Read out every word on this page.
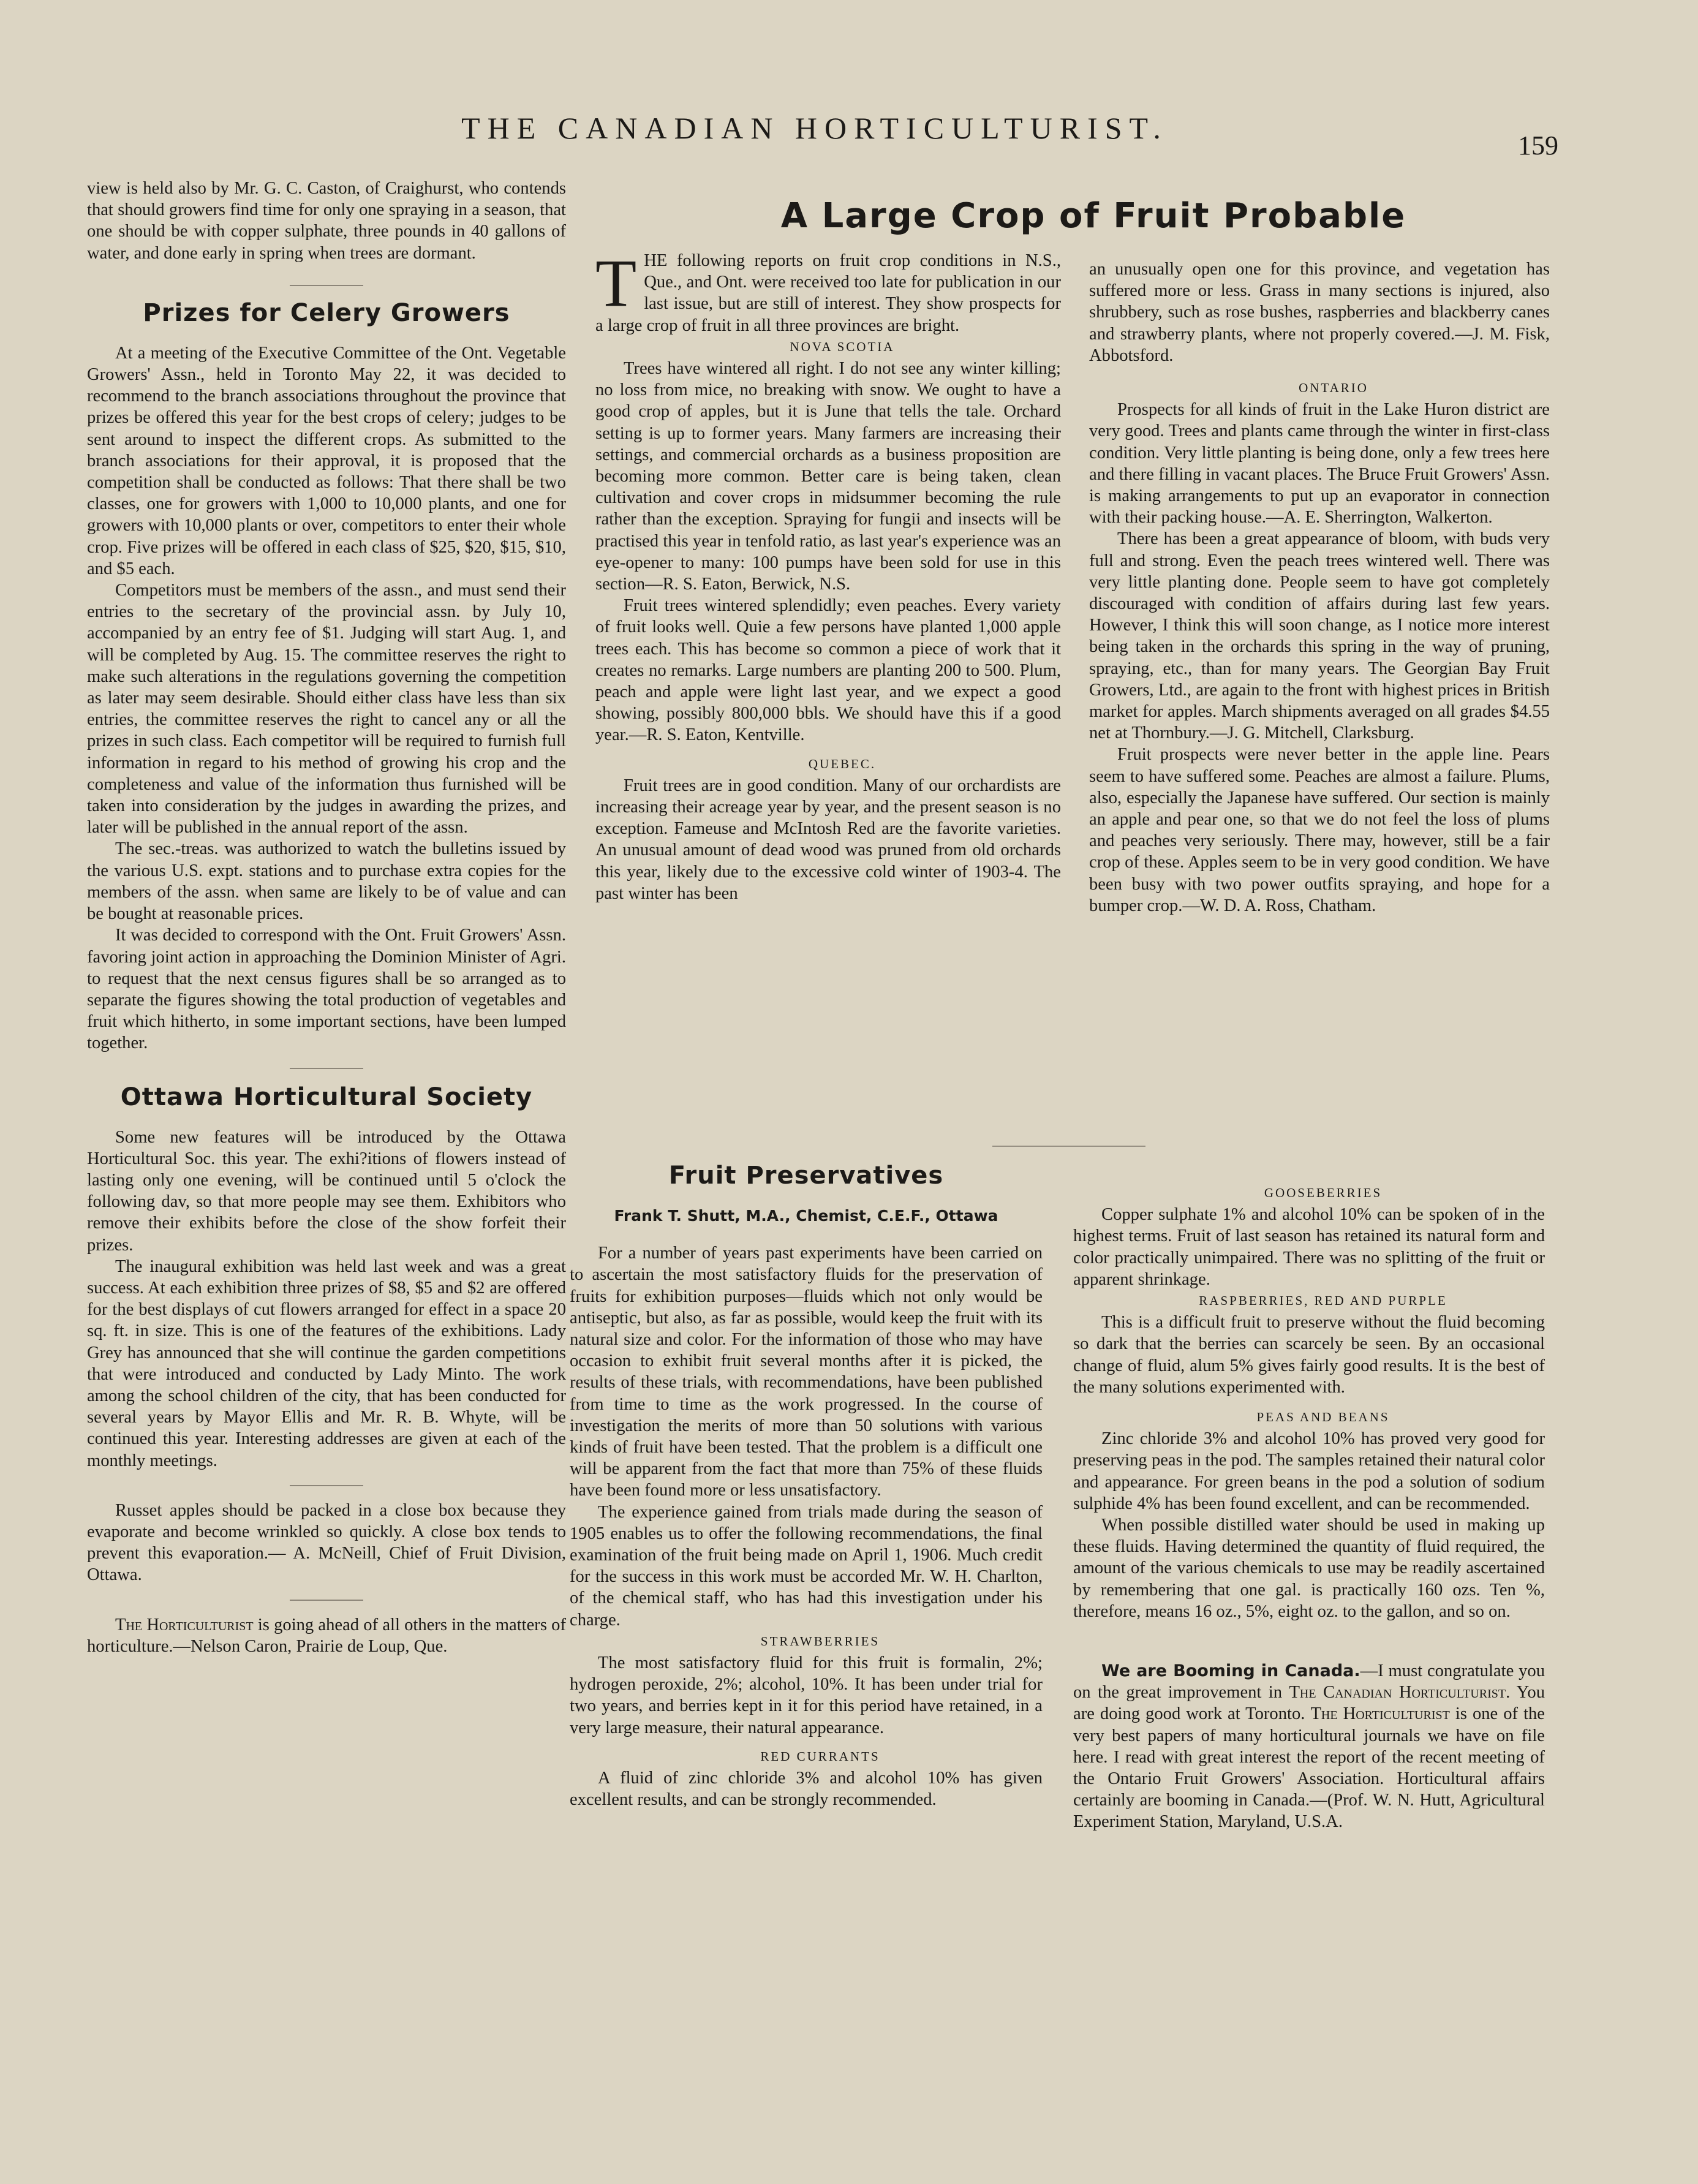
THE CANADIAN HORTICULTURIST.
159

view is held also by Mr. G. C. Caston, of Craighurst, who contends that should growers find time for only one spraying in a season, that one should be with copper sulphate, three pounds in 40 gallons of water, and done early in spring when trees are dormant.

Prizes for Celery Growers

At a meeting of the Executive Committee of the Ont. Vegetable Growers' Assn., held in Toronto May 22, it was decided to recommend to the branch associations throughout the province that prizes be offered this year for the best crops of celery; judges to be sent around to inspect the different crops. As submitted to the branch associations for their approval, it is proposed that the competition shall be conducted as follows: That there shall be two classes, one for growers with 1,000 to 10,000 plants, and one for growers with 10,000 plants or over, competitors to enter their whole crop. Five prizes will be offered in each class of $25, $20, $15, $10, and $5 each.

Competitors must be members of the assn., and must send their entries to the secretary of the provincial assn. by July 10, accompanied by an entry fee of $1. Judging will start Aug. 1, and will be completed by Aug. 15. The committee reserves the right to make such alterations in the regulations governing the competition as later may seem desirable. Should either class have less than six entries, the committee reserves the right to cancel any or all the prizes in such class. Each competitor will be required to furnish full information in regard to his method of growing his crop and the completeness and value of the information thus furnished will be taken into consideration by the judges in awarding the prizes, and later will be published in the annual report of the assn.

The sec.-treas. was authorized to watch the bulletins issued by the various U.S. expt. stations and to purchase extra copies for the members of the assn. when same are likely to be of value and can be bought at reasonable prices.

It was decided to correspond with the Ont. Fruit Growers' Assn. favoring joint action in approaching the Dominion Minister of Agri. to request that the next census figures shall be so arranged as to separate the figures showing the total production of vegetables and fruit which hitherto, in some important sections, have been lumped together.

Ottawa Horticultural Society

Some new features will be introduced by the Ottawa Horticultural Soc. this year. The exhi?itions of flowers instead of lasting only one evening, will be continued until 5 o'clock the following dav, so that more people may see them. Exhibitors who remove their exhibits before the close of the show forfeit their prizes.

The inaugural exhibition was held last week and was a great success. At each exhibition three prizes of $8, $5 and $2 are offered for the best displays of cut flowers arranged for effect in a space 20 sq. ft. in size. This is one of the features of the exhibitions. Lady Grey has announced that she will continue the garden competitions that were introduced and conducted by Lady Minto. The work among the school children of the city, that has been conducted for several years by Mayor Ellis and Mr. R. B. Whyte, will be continued this year. Interesting addresses are given at each of the monthly meetings.

Russet apples should be packed in a close box because they evaporate and become wrinkled so quickly. A close box tends to prevent this evaporation.— A. McNeill, Chief of Fruit Division, Ottawa.

The Horticulturist is going ahead of all others in the matters of horticulture.—Nelson Caron, Prairie de Loup, Que.

A Large Crop of Fruit Probable

THE following reports on fruit crop conditions in N.S., Que., and Ont. were received too late for publication in our last issue, but are still of interest. They show prospects for a large crop of fruit in all three provinces are bright.

NOVA SCOTIA

Trees have wintered all right. I do not see any winter killing; no loss from mice, no breaking with snow. We ought to have a good crop of apples, but it is June that tells the tale. Orchard setting is up to former years. Many farmers are increasing their settings, and commercial orchards as a business proposition are becoming more common. Better care is being taken, clean cultivation and cover crops in midsummer becoming the rule rather than the exception. Spraying for fungii and insects will be practised this year in tenfold ratio, as last year's experience was an eye-opener to many: 100 pumps have been sold for use in this section—R. S. Eaton, Berwick, N.S.

Fruit trees wintered splendidly; even peaches. Every variety of fruit looks well. Quie a few persons have planted 1,000 apple trees each. This has become so common a piece of work that it creates no remarks. Large numbers are planting 200 to 500. Plum, peach and apple were light last year, and we expect a good showing, possibly 800,000 bbls. We should have this if a good year.—R. S. Eaton, Kentville.

QUEBEC.

Fruit trees are in good condition. Many of our orchardists are increasing their acreage year by year, and the present season is no exception. Fameuse and McIntosh Red are the favorite varieties. An unusual amount of dead wood was pruned from old orchards this year, likely due to the excessive cold winter of 1903-4. The past winter has been

an unusually open one for this province, and vegetation has suffered more or less. Grass in many sections is injured, also shrubbery, such as rose bushes, raspberries and blackberry canes and strawberry plants, where not properly covered.—J. M. Fisk, Abbotsford.

ONTARIO

Prospects for all kinds of fruit in the Lake Huron district are very good. Trees and plants came through the winter in first-class condition. Very little planting is being done, only a few trees here and there filling in vacant places. The Bruce Fruit Growers' Assn. is making arrangements to put up an evaporator in connection with their packing house.—A. E. Sherrington, Walkerton.

There has been a great appearance of bloom, with buds very full and strong. Even the peach trees wintered well. There was very little planting done. People seem to have got completely discouraged with condition of affairs during last few years. However, I think this will soon change, as I notice more interest being taken in the orchards this spring in the way of pruning, spraying, etc., than for many years. The Georgian Bay Fruit Growers, Ltd., are again to the front with highest prices in British market for apples. March shipments averaged on all grades $4.55 net at Thornbury.—J. G. Mitchell, Clarksburg.

Fruit prospects were never better in the apple line. Pears seem to have suffered some. Peaches are almost a failure. Plums, also, especially the Japanese have suffered. Our section is mainly an apple and pear one, so that we do not feel the loss of plums and peaches very seriously. There may, however, still be a fair crop of these. Apples seem to be in very good condition. We have been busy with two power outfits spraying, and hope for a bumper crop.—W. D. A. Ross, Chatham.

Fruit Preservatives
Frank T. Shutt, M.A., Chemist, C.E.F., Ottawa

For a number of years past experiments have been carried on to ascertain the most satisfactory fluids for the preservation of fruits for exhibition purposes—fluids which not only would be antiseptic, but also, as far as possible, would keep the fruit with its natural size and color. For the information of those who may have occasion to exhibit fruit several months after it is picked, the results of these trials, with recommendations, have been published from time to time as the work progressed. In the course of investigation the merits of more than 50 solutions with various kinds of fruit have been tested. That the problem is a difficult one will be apparent from the fact that more than 75% of these fluids have been found more or less unsatisfactory.

The experience gained from trials made during the season of 1905 enables us to offer the following recommendations, the final examination of the fruit being made on April 1, 1906. Much credit for the success in this work must be accorded Mr. W. H. Charlton, of the chemical staff, who has had this investigation under his charge.

STRAWBERRIES

The most satisfactory fluid for this fruit is formalin, 2%; hydrogen peroxide, 2%; alcohol, 10%. It has been under trial for two years, and berries kept in it for this period have retained, in a very large measure, their natural appearance.

RED CURRANTS

A fluid of zinc chloride 3% and alcohol 10% has given excellent results, and can be strongly recommended.

GOOSEBERRIES

Copper sulphate 1% and alcohol 10% can be spoken of in the highest terms. Fruit of last season has retained its natural form and color practically unimpaired. There was no splitting of the fruit or apparent shrinkage.

RASPBERRIES, RED AND PURPLE

This is a difficult fruit to preserve without the fluid becoming so dark that the berries can scarcely be seen. By an occasional change of fluid, alum 5% gives fairly good results. It is the best of the many solutions experimented with.

PEAS AND BEANS

Zinc chloride 3% and alcohol 10% has proved very good for preserving peas in the pod. The samples retained their natural color and appearance. For green beans in the pod a solution of sodium sulphide 4% has been found excellent, and can be recommended.

When possible distilled water should be used in making up these fluids. Having determined the quantity of fluid required, the amount of the various chemicals to use may be readily ascertained by remembering that one gal. is practically 160 ozs. Ten %, therefore, means 16 oz., 5%, eight oz. to the gallon, and so on.

We are Booming in Canada.—I must congratulate you on the great improvement in The Canadian Horticulturist. You are doing good work at Toronto. The Horticulturist is one of the very best papers of many horticultural journals we have on file here. I read with great interest the report of the recent meeting of the Ontario Fruit Growers' Association. Horticultural affairs certainly are booming in Canada.—(Prof. W. N. Hutt, Agricultural Experiment Station, Maryland, U.S.A.
